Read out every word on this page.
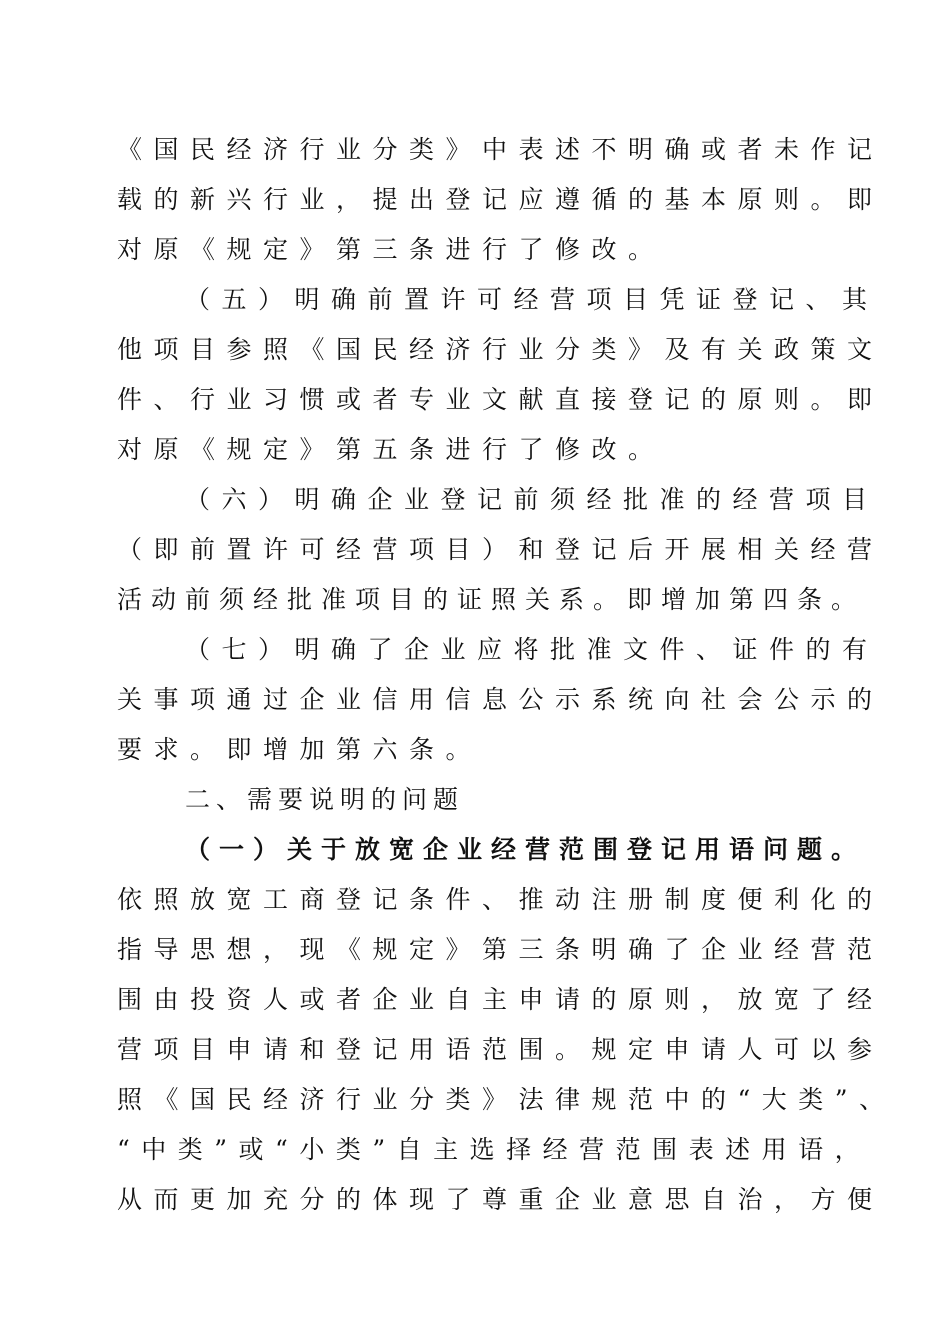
《国民经济行业分类》中表述不明确或者未作记
载的新兴行业，提出登记应遵循的基本原则。即
对原《规定》第三条进行了修改。
（五）明确前置许可经营项目凭证登记、其
他项目参照《国民经济行业分类》及有关政策文
件、行业习惯或者专业文献直接登记的原则。即
对原《规定》第五条进行了修改。
（六）明确企业登记前须经批准的经营项目
（即前置许可经营项目）和登记后开展相关经营
活动前须经批准项目的证照关系。即增加第四条。
（七）明确了企业应将批准文件、证件的有
关事项通过企业信用信息公示系统向社会公示的
要求。即增加第六条。
二、需要说明的问题
（一）关于放宽企业经营范围登记用语问题。
依照放宽工商登记条件、推动注册制度便利化的
指导思想，现《规定》第三条明确了企业经营范
围由投资人或者企业自主申请的原则，放宽了经
营项目申请和登记用语范围。规定申请人可以参
照《国民经济行业分类》法律规范中的“大类”、
“中类”或“小类”自主选择经营范围表述用语，
从而更加充分的体现了尊重企业意思自治，方便
